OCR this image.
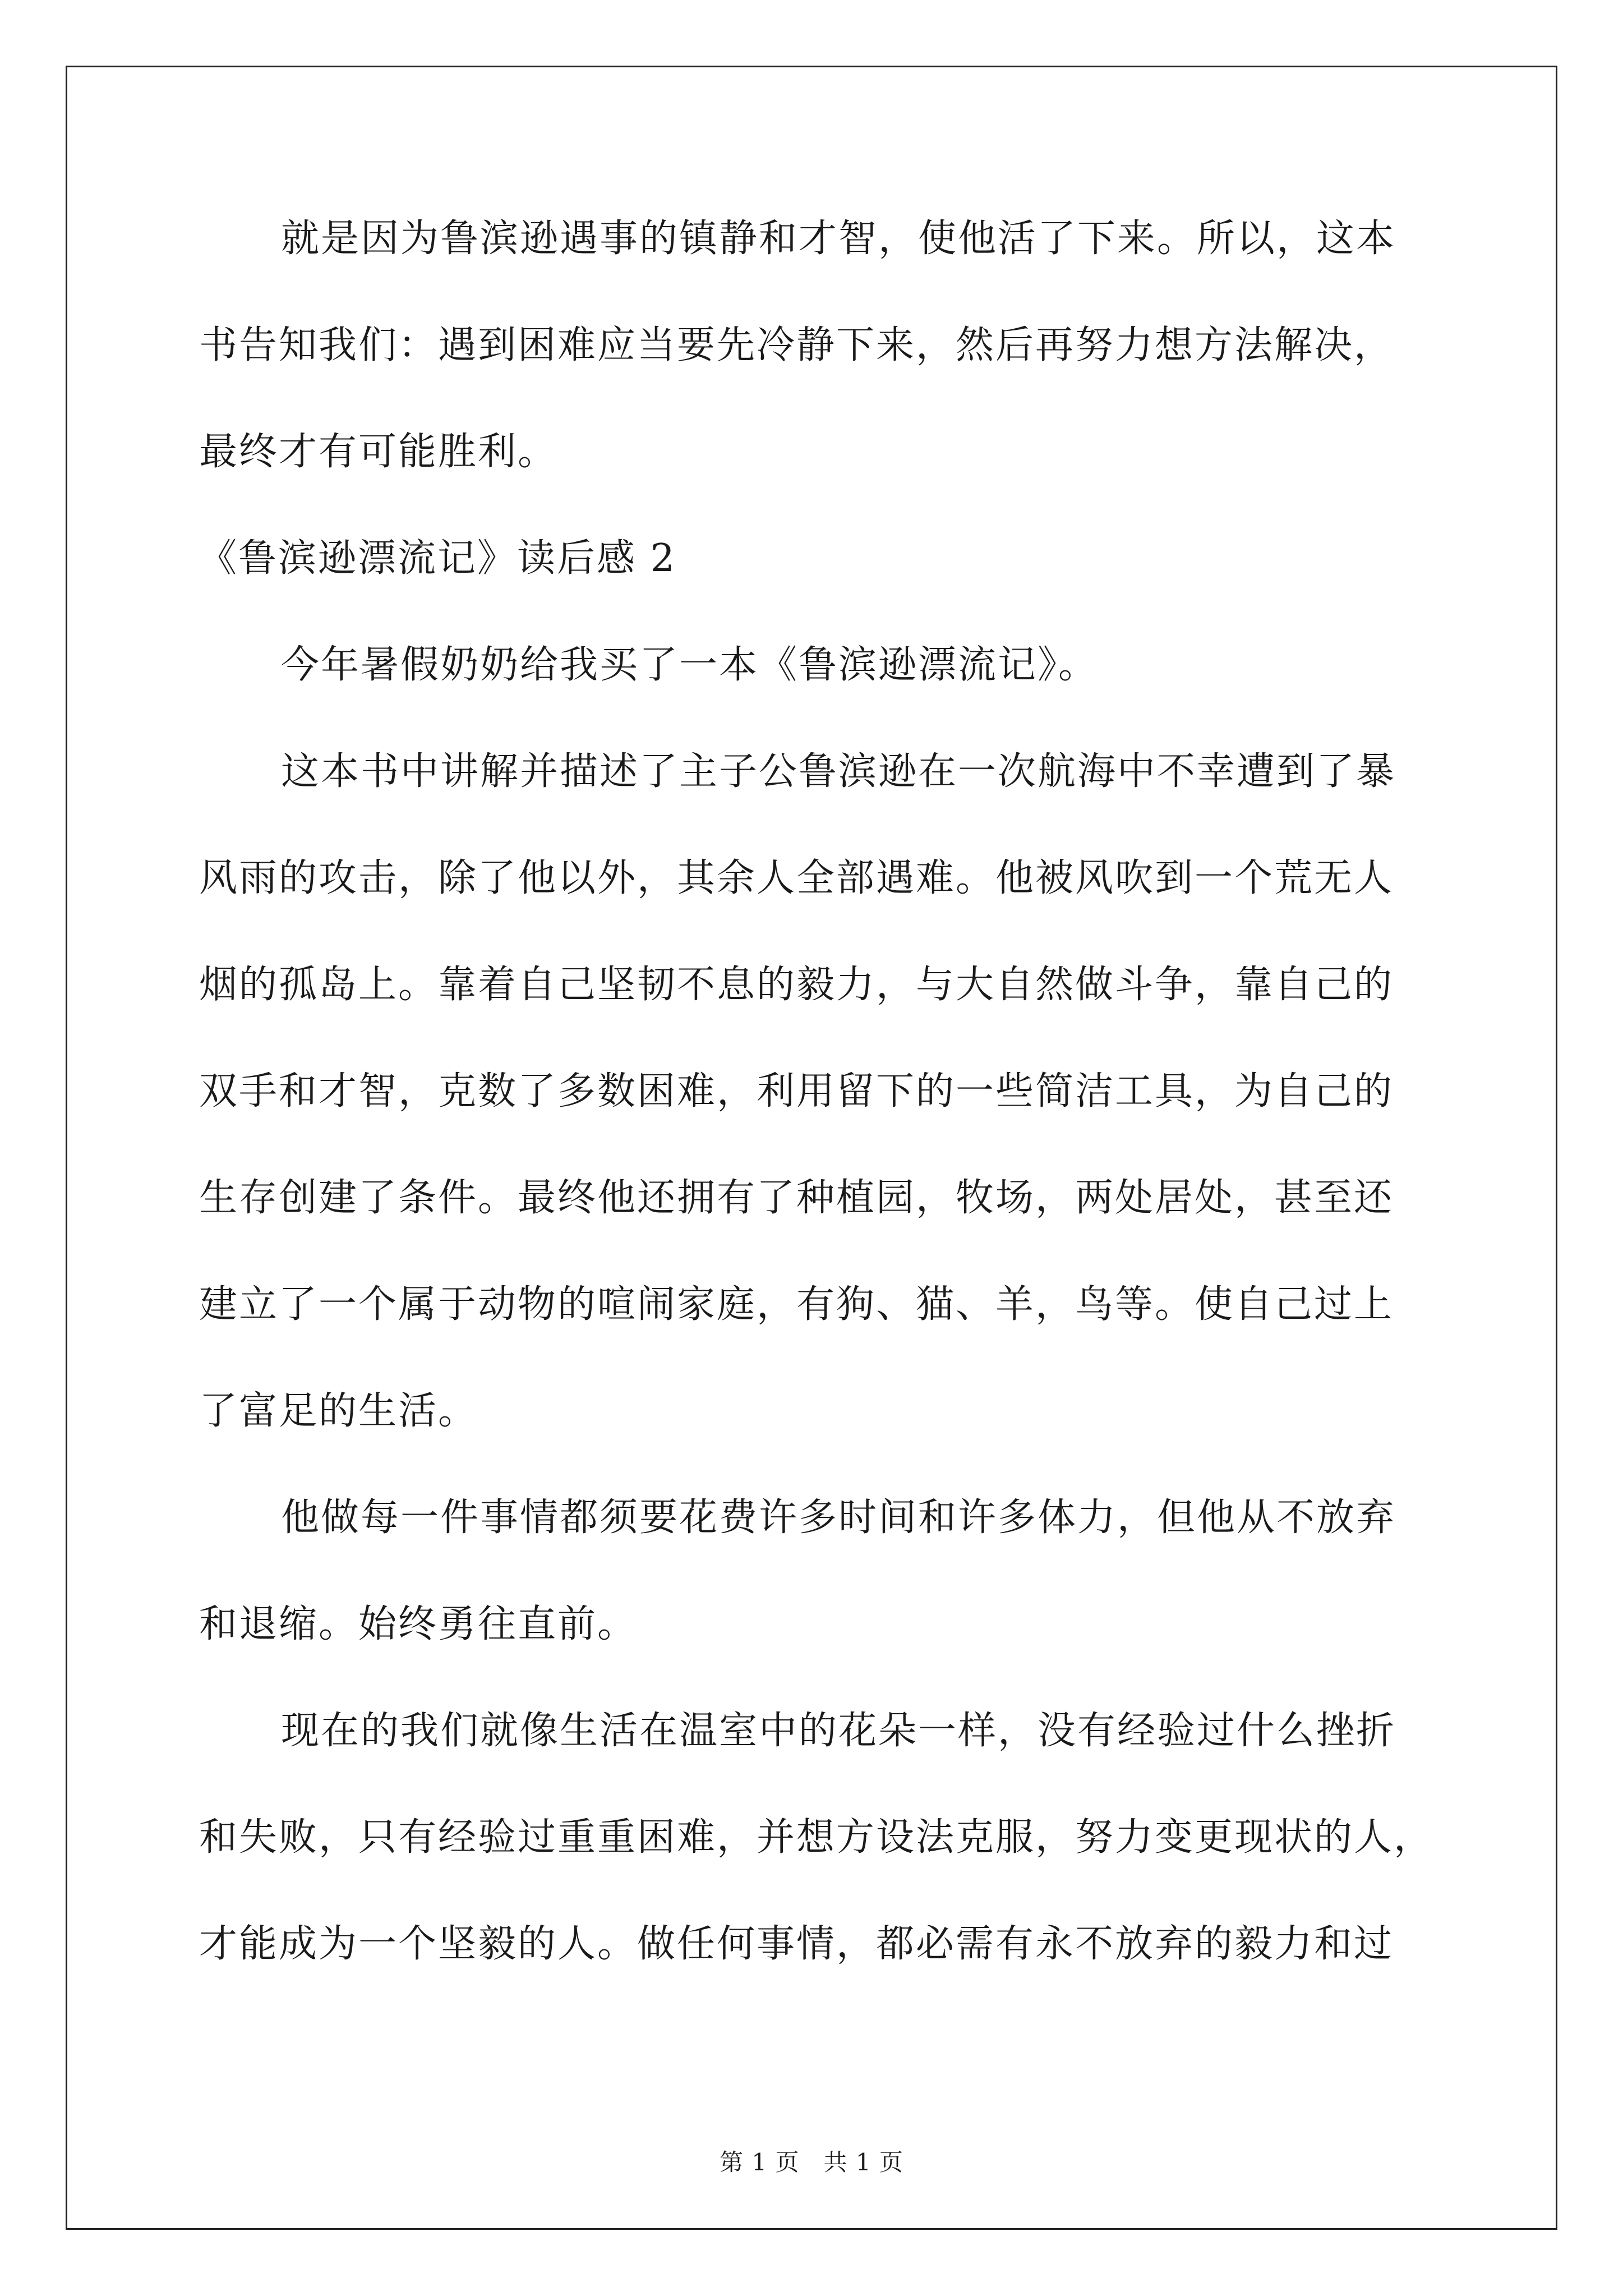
就是因为鲁滨逊遇事的镇静和才智，使他活了下来。所以，这本
书告知我们：遇到困难应当要先冷静下来，然后再努力想方法解决，
最终才有可能胜利。
《鲁滨逊漂流记》读后感 2
今年暑假奶奶给我买了一本《鲁滨逊漂流记》。
这本书中讲解并描述了主子公鲁滨逊在一次航海中不幸遭到了暴
风雨的攻击，除了他以外，其余人全部遇难。他被风吹到一个荒无人
烟的孤岛上。靠着自己坚韧不息的毅力，与大自然做斗争，靠自己的
双手和才智，克数了多数困难，利用留下的一些简洁工具，为自己的
生存创建了条件。最终他还拥有了种植园，牧场，两处居处，甚至还
建立了一个属于动物的喧闹家庭，有狗、猫、羊，鸟等。使自己过上
了富足的生活。
他做每一件事情都须要花费许多时间和许多体力，但他从不放弃
和退缩。始终勇往直前。
现在的我们就像生活在温室中的花朵一样，没有经验过什么挫折
和失败，只有经验过重重困难，并想方设法克服，努力变更现状的人，
才能成为一个坚毅的人。做任何事情，都必需有永不放弃的毅力和过
第 1 页　共 1 页
